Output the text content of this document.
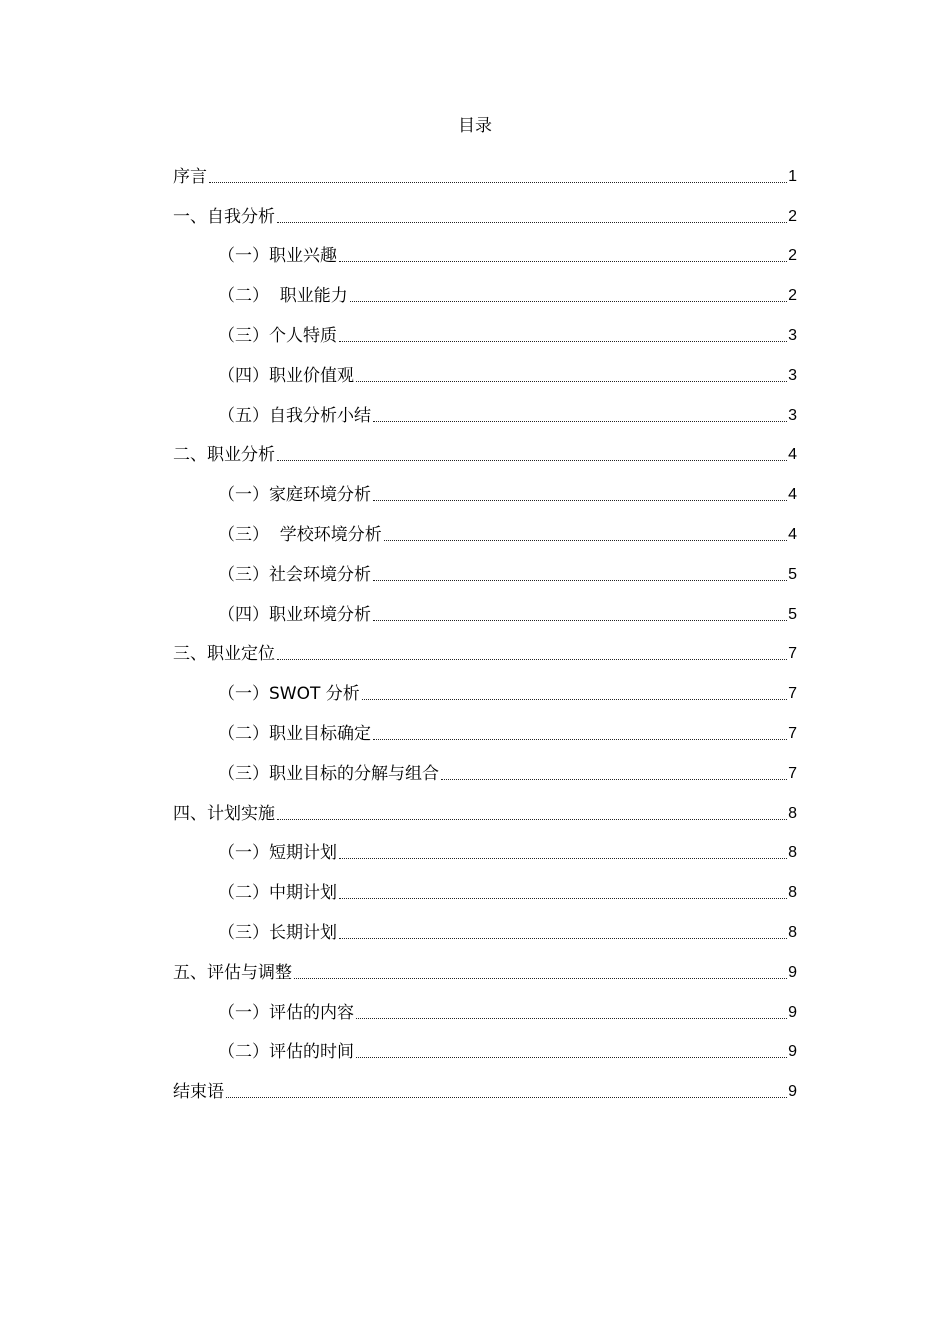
目录
序言	1
一、自我分析	2
（一）职业兴趣	2
（二）  职业能力	2
（三）个人特质	3
（四）职业价值观	3
（五）自我分析小结	3
二、职业分析	4
（一）家庭环境分析	4
（三）  学校环境分析	4
（三）社会环境分析	5
（四）职业环境分析	5
三、职业定位	7
（一）SWOT 分析	7
（二）职业目标确定	7
（三）职业目标的分解与组合	7
四、计划实施	8
（一）短期计划	8
（二）中期计划	8
（三）长期计划	8
五、评估与调整	9
（一）评估的内容	9
（二）评估的时间	9
结束语	9
